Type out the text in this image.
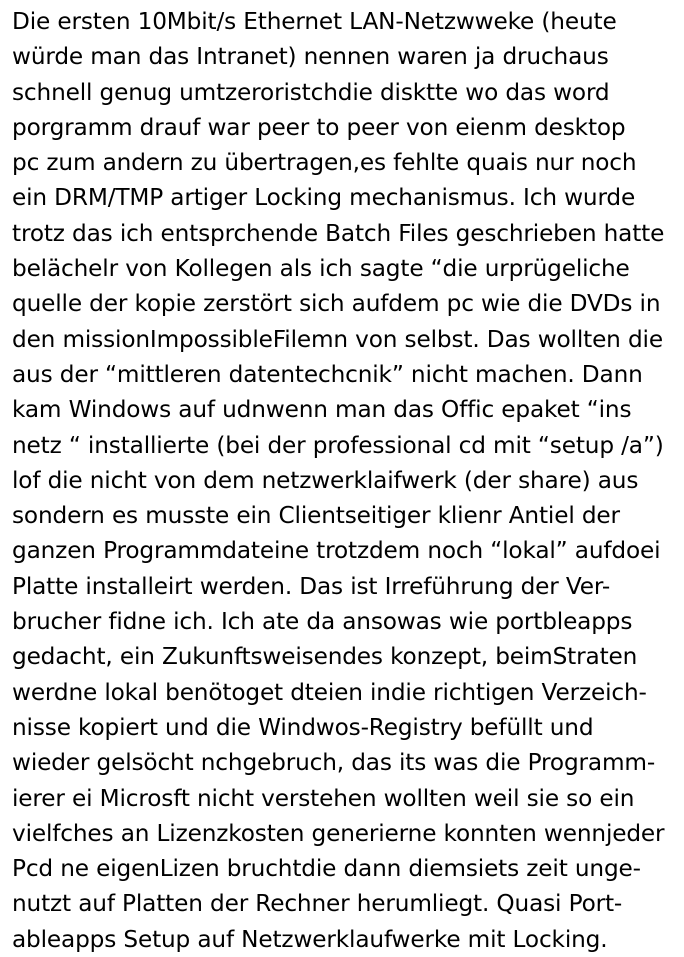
Die ersten 10Mbit/s Ethernet LAN-Netzwweke (heute
würde man das Intranet) nennen waren ja druchaus
schnell genug umtzeroristchdie disktte wo das word
porgramm drauf war peer to peer von eienm desktop
pc zum andern zu übertragen,es fehlte quais nur noch
ein DRM/TMP artiger Locking mechanismus. Ich wurde
trotz das ich entsprchende Batch Files geschrieben hatte
belächelr von Kollegen als ich sagte “die urprügeliche
quelle der kopie zerstört sich aufdem pc wie die DVDs in
den missionImpossibleFilemn von selbst. Das wollten die
aus der “mittleren datentechcnik” nicht machen. Dann
kam Windows auf udnwenn man das Offic epaket “ins
netz “ installierte (bei der professional cd mit “setup /a”)
lof die nicht von dem netzwerklaifwerk (der share) aus
sondern es musste ein Clientseitiger klienr Antiel der
ganzen Programmdateine trotzdem noch “lokal” aufdoei
Platte installeirt werden. Das ist Irreführung der Ver-
brucher fidne ich. Ich ate da ansowas wie portbleapps
gedacht, ein Zukunftsweisendes konzept, beimStraten
werdne lokal benötoget dteien indie richtigen Verzeich-
nisse kopiert und die Windwos-Registry befüllt und
wieder gelsöcht nchgebruch, das its was die Programm-
ierer ei Microsft nicht verstehen wollten weil sie so ein
vielfches an Lizenzkosten generierne konnten wennjeder
Pcd ne eigenLizen bruchtdie dann diemsiets zeit unge-
nutzt auf Platten der Rechner herumliegt. Quasi Port-
ableapps Setup auf Netzwerklaufwerke mit Locking.
